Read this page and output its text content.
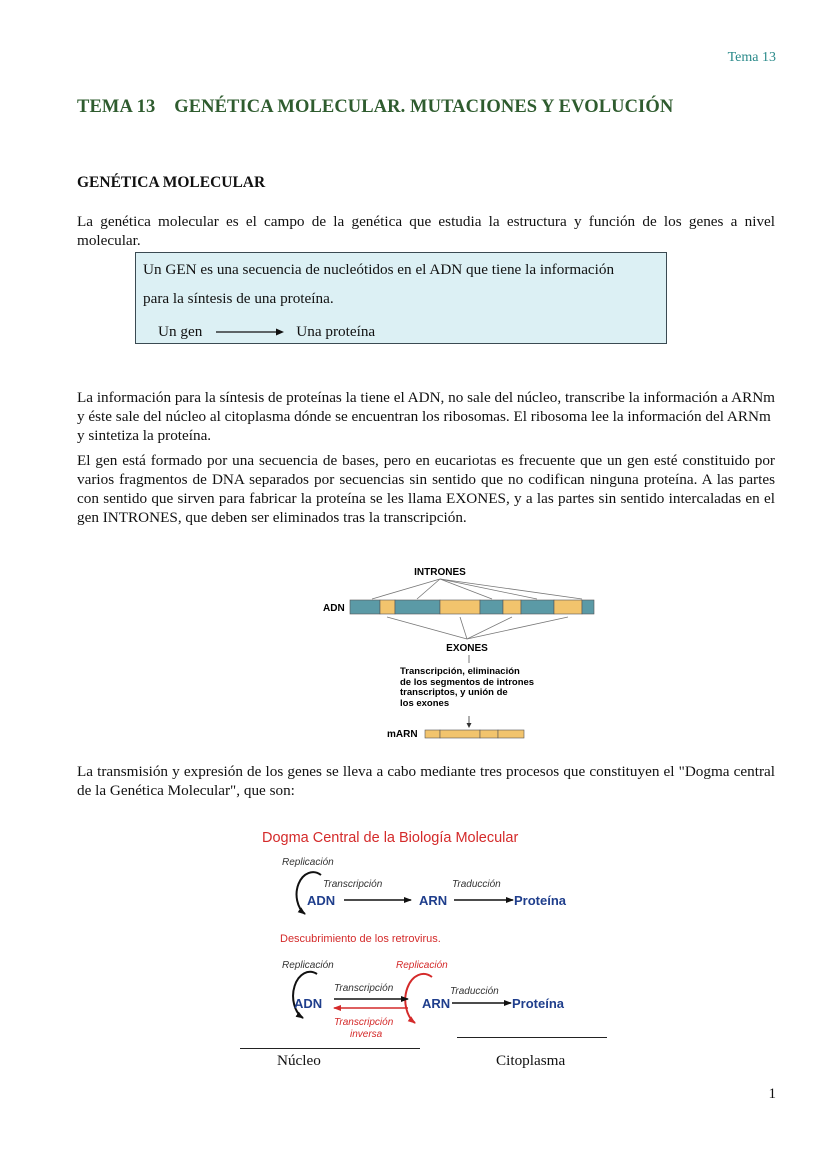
Tema 13
TEMA 13    GENÉTICA MOLECULAR. MUTACIONES Y EVOLUCIÓN
GENÉTICA MOLECULAR

La genética molecular es el campo de la genética que estudia la estructura y función de los genes a nivel molecular.

Un GEN es una secuencia de nucleótidos en el ADN que tiene la información
para la síntesis de una proteína.
Un gen	Una proteína

La información para la síntesis de proteínas la tiene el ADN, no sale del núcleo, transcribe la información a ARNm y éste sale del núcleo al citoplasma dónde se encuentran los ribosomas. El ribosoma lee la información del ARNm y sintetiza la proteína.

El gen está formado por una secuencia de bases, pero en eucariotas es frecuente que un gen esté constituido por varios fragmentos de DNA separados por secuencias sin sentido que no codifican ninguna proteína. A las partes con sentido que sirven para fabricar la proteína se les llama EXONES, y a las partes sin sentido intercaladas en el gen INTRONES, que deben ser eliminados tras la transcripción.

INTRONES
ADN
EXONES
Transcripción, eliminación
de los segmentos de intrones
transcriptos, y unión de
los exones
mARN

La transmisión y expresión de los genes se lleva a cabo mediante tres procesos que constituyen el "Dogma central de la Genética Molecular", que son:

Dogma Central de la Biología Molecular
Replicación
Transcripción	Traducción
ADN	ARN	Proteína
Descubrimiento de los retrovirus.
Replicación	Replicación
Transcripción	Traducción
ADN	ARN	Proteína
Transcripción
inversa
Núcleo	Citoplasma
1
